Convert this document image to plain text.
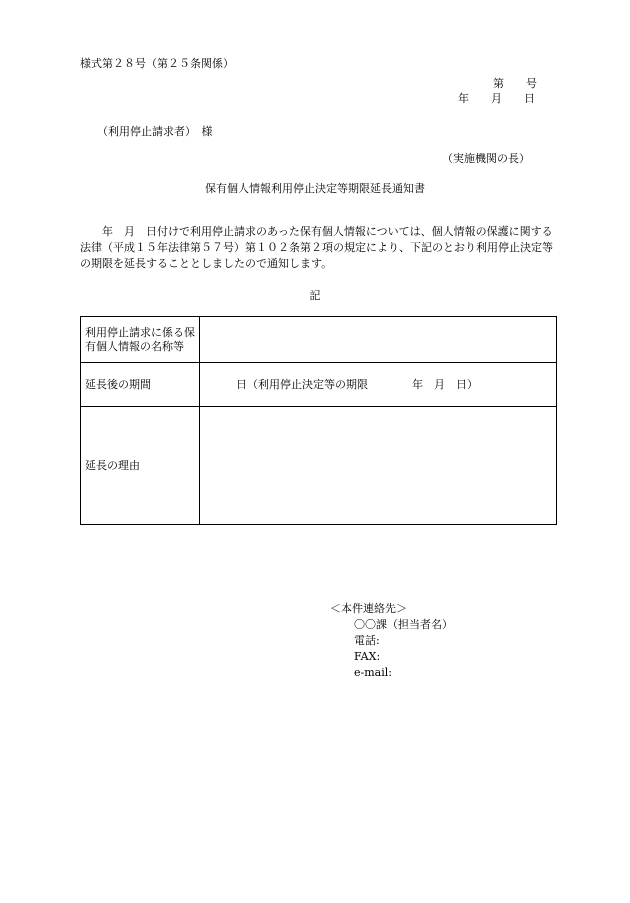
様式第２８号（第２５条関係）
第　　号
年　　月　　日
（利用停止請求者）　様
（実施機関の長）
保有個人情報利用停止決定等期限延長通知書
　　年　月　日付けで利用停止請求のあった保有個人情報については、個人情報の保護に関する法律（平成１５年法律第５７号）第１０２条第２項の規定により、下記のとおり利用停止決定等の期限を延長することとしましたので通知します。
記
利用停止請求に係る保有個人情報の名称等	
延長後の期間	日（利用停止決定等の期限　　　　年　月　日）
延長の理由	
＜本件連絡先＞
〇〇課（担当者名）
電話:
FAX:
e-mail:
